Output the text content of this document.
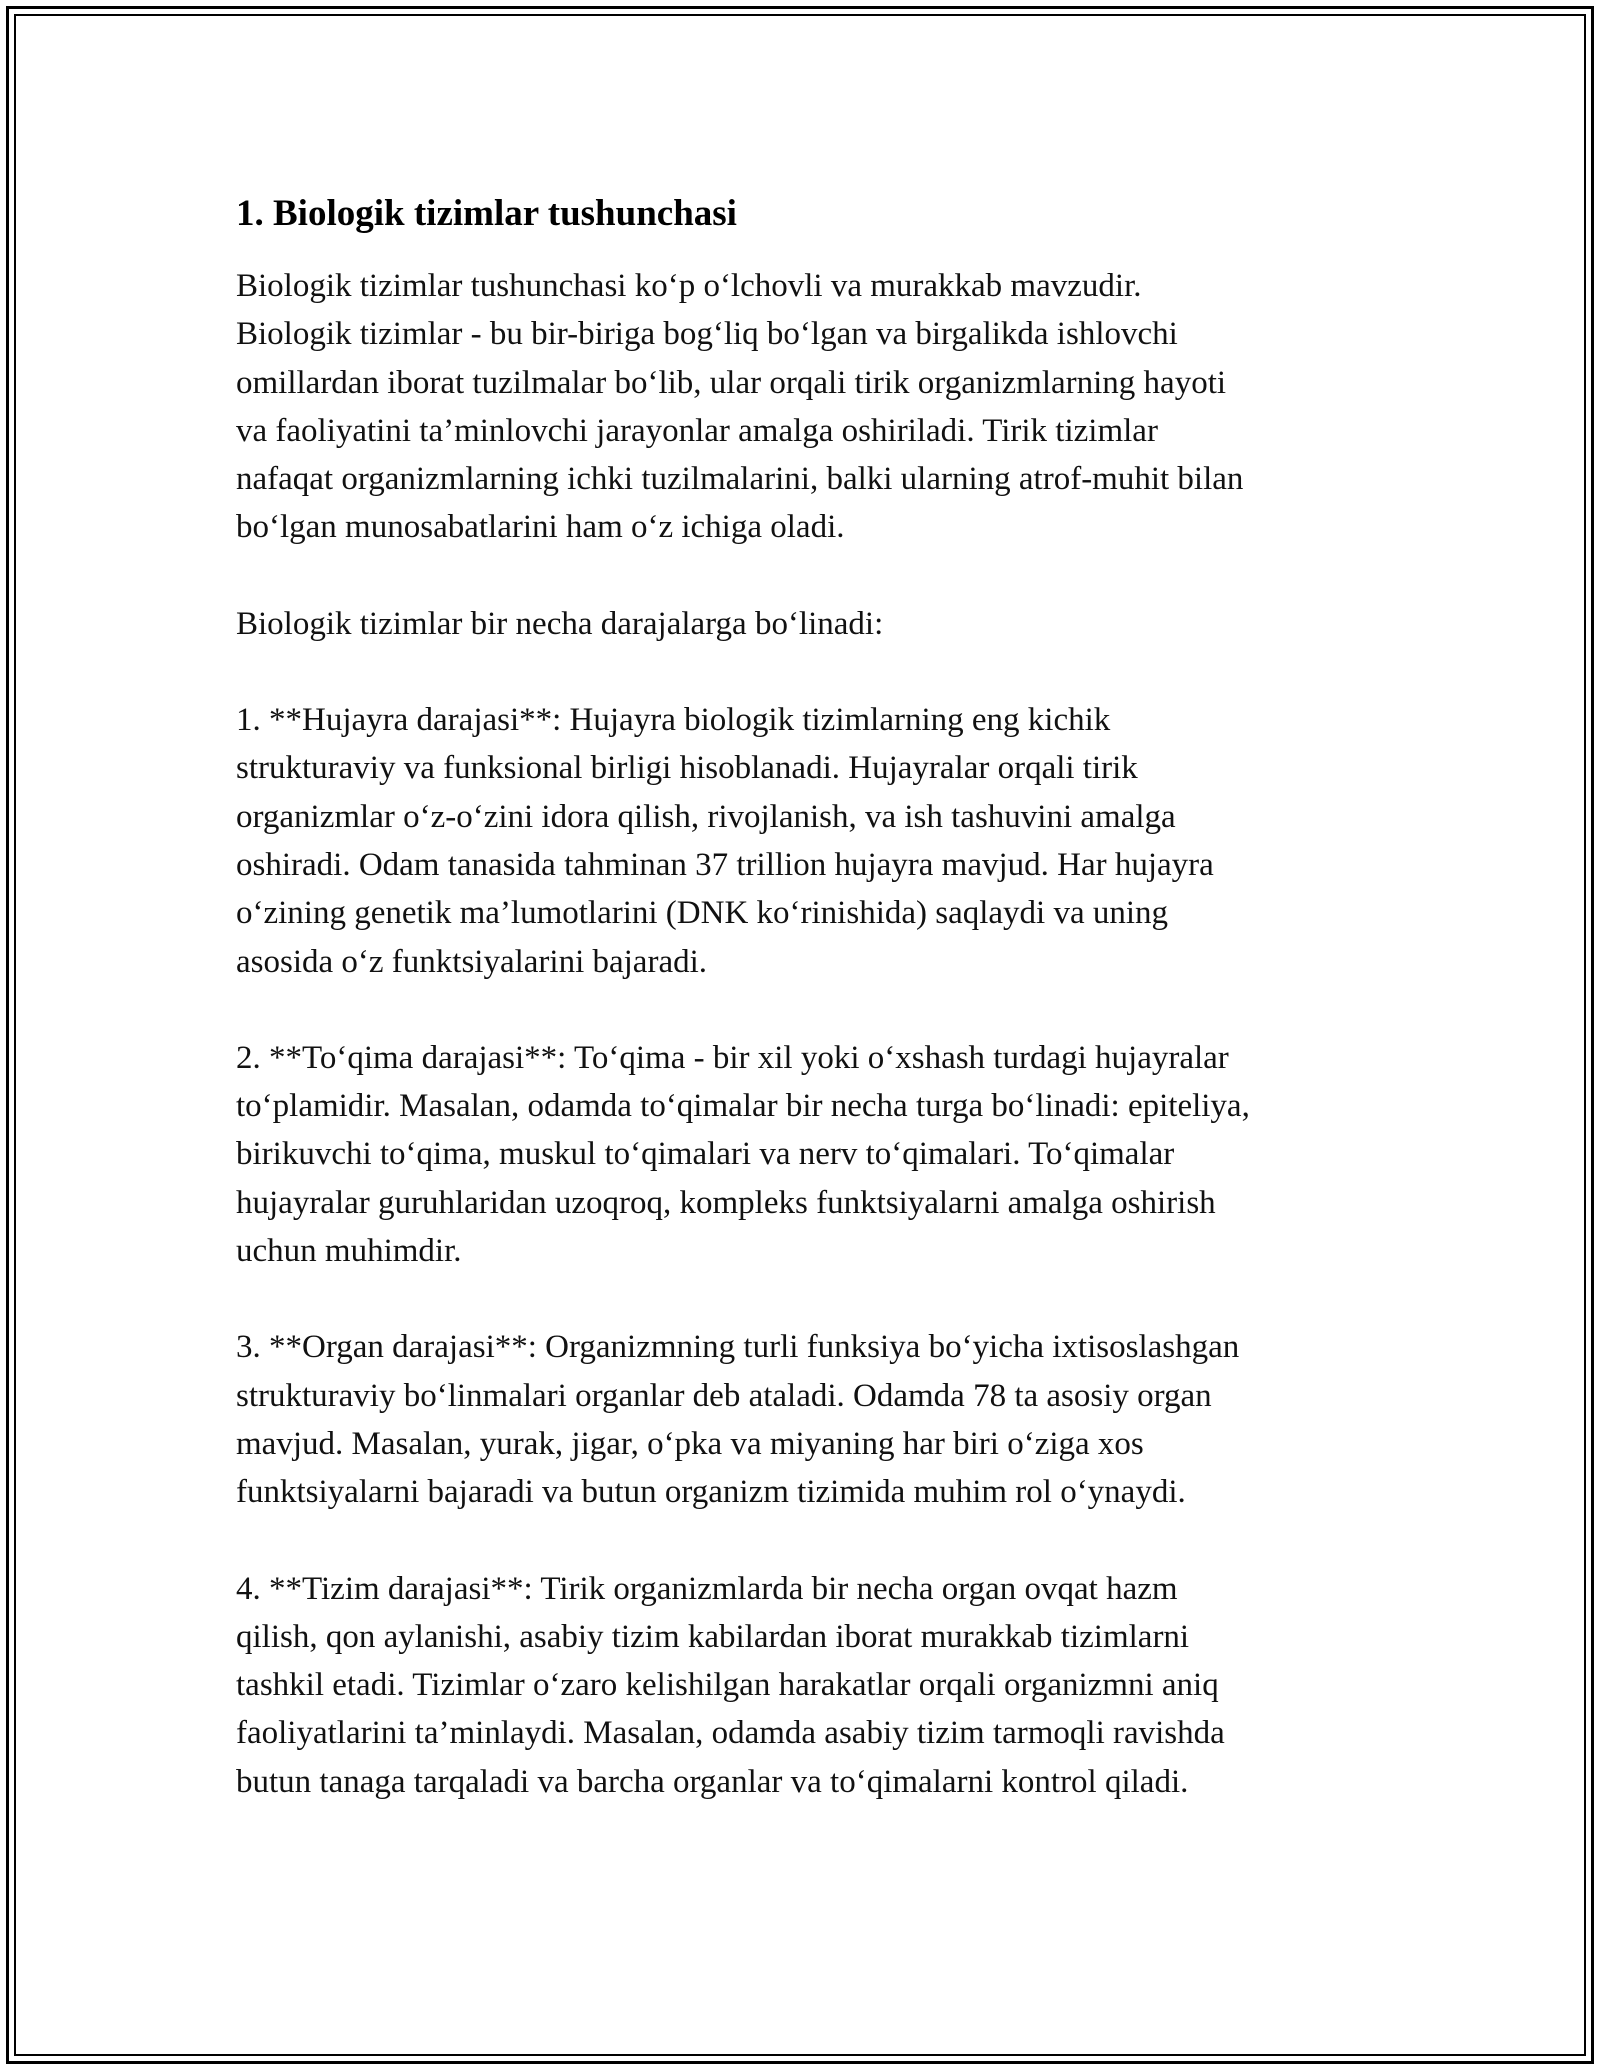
1. Biologik tizimlar tushunchasi

Biologik tizimlar tushunchasi ko‘p o‘lchovli va murakkab mavzudir.
Biologik tizimlar - bu bir-biriga bog‘liq bo‘lgan va birgalikda ishlovchi
omillardan iborat tuzilmalar bo‘lib, ular orqali tirik organizmlarning hayoti
va faoliyatini ta’minlovchi jarayonlar amalga oshiriladi. Tirik tizimlar
nafaqat organizmlarning ichki tuzilmalarini, balki ularning atrof-muhit bilan
bo‘lgan munosabatlarini ham o‘z ichiga oladi.

Biologik tizimlar bir necha darajalarga bo‘linadi:

1. **Hujayra darajasi**: Hujayra biologik tizimlarning eng kichik
strukturaviy va funksional birligi hisoblanadi. Hujayralar orqali tirik
organizmlar o‘z-o‘zini idora qilish, rivojlanish, va ish tashuvini amalga
oshiradi. Odam tanasida tahminan 37 trillion hujayra mavjud. Har hujayra
o‘zining genetik ma’lumotlarini (DNK ko‘rinishida) saqlaydi va uning
asosida o‘z funktsiyalarini bajaradi.

2. **To‘qima darajasi**: To‘qima - bir xil yoki o‘xshash turdagi hujayralar
to‘plamidir. Masalan, odamda to‘qimalar bir necha turga bo‘linadi: epiteliya,
birikuvchi to‘qima, muskul to‘qimalari va nerv to‘qimalari. To‘qimalar
hujayralar guruhlaridan uzoqroq, kompleks funktsiyalarni amalga oshirish
uchun muhimdir.

3. **Organ darajasi**: Organizmning turli funksiya bo‘yicha ixtisoslashgan
strukturaviy bo‘linmalari organlar deb ataladi. Odamda 78 ta asosiy organ
mavjud. Masalan, yurak, jigar, o‘pka va miyaning har biri o‘ziga xos
funktsiyalarni bajaradi va butun organizm tizimida muhim rol o‘ynaydi.

4. **Tizim darajasi**: Tirik organizmlarda bir necha organ ovqat hazm
qilish, qon aylanishi, asabiy tizim kabilardan iborat murakkab tizimlarni
tashkil etadi. Tizimlar o‘zaro kelishilgan harakatlar orqali organizmni aniq
faoliyatlarini ta’minlaydi. Masalan, odamda asabiy tizim tarmoqli ravishda
butun tanaga tarqaladi va barcha organlar va to‘qimalarni kontrol qiladi.
